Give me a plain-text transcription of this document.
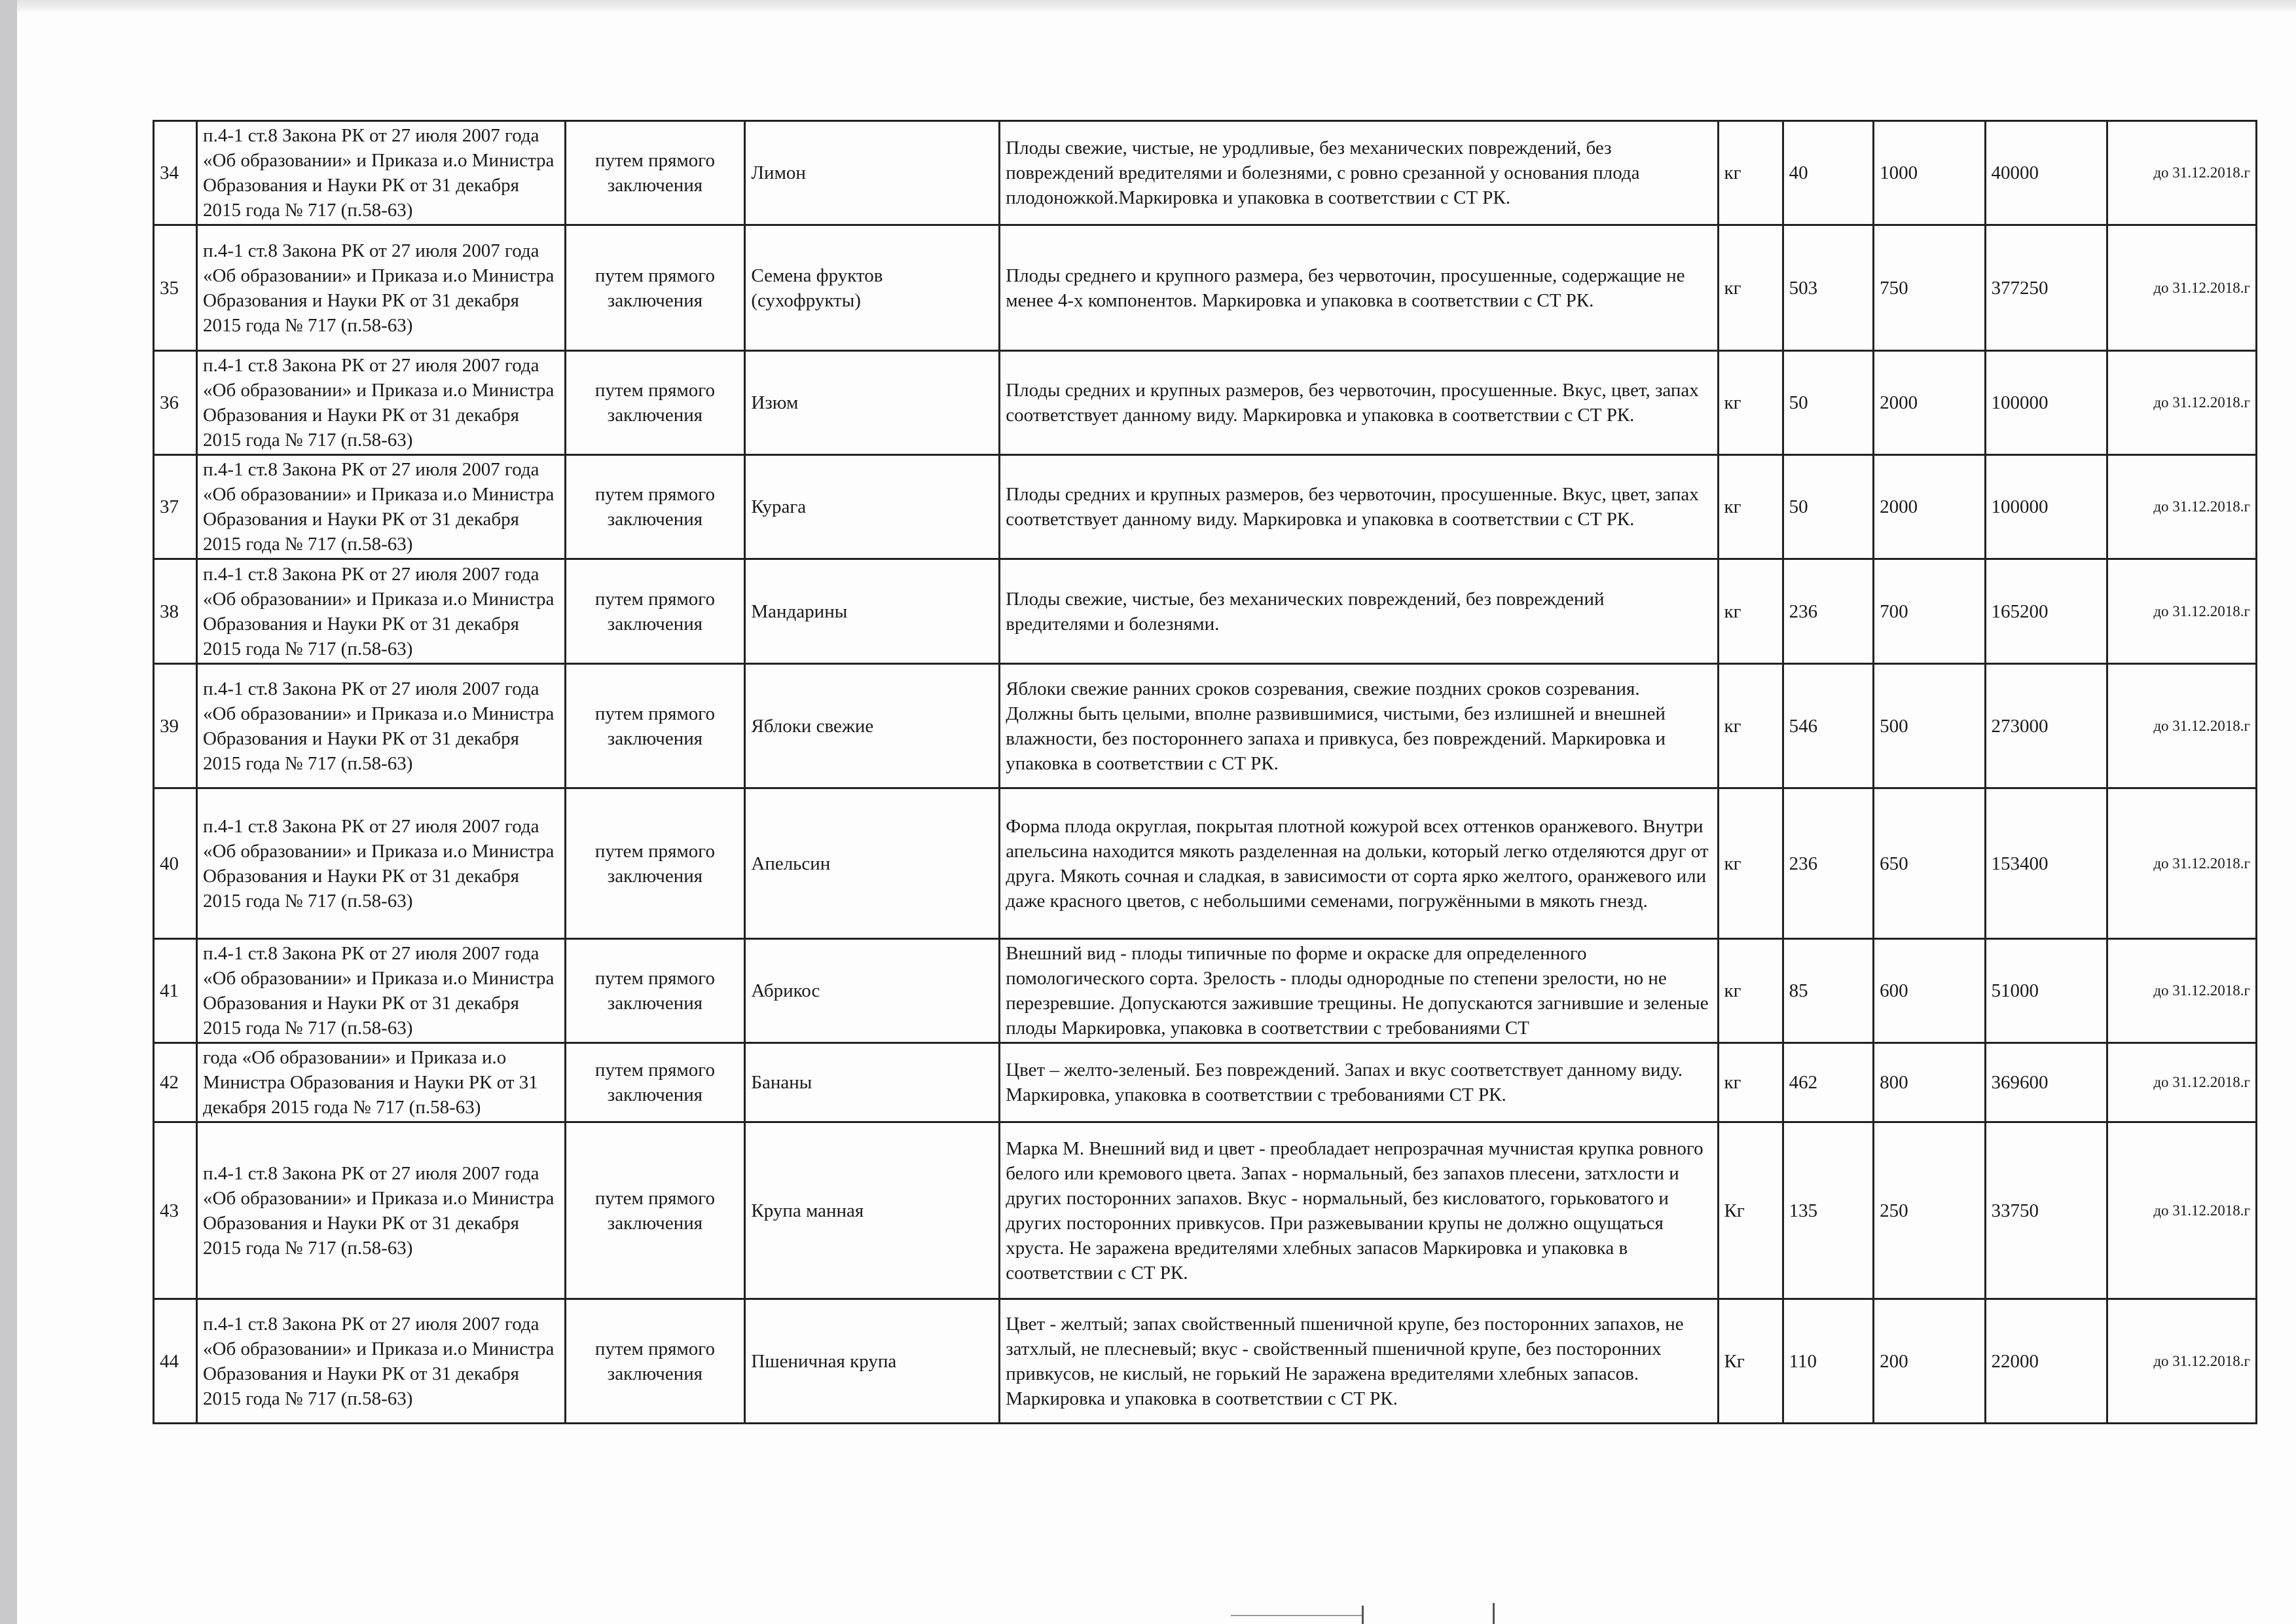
34	п.4-1 ст.8 Закона РК от 27 июля 2007 года «Об образовании» и Приказа и.о Министра Образования и Науки РК от 31 декабря 2015 года № 717 (п.58-63)	путем прямого заключения	Лимон	Плоды свежие, чистые, не уродливые, без механических повреждений, без повреждений вредителями и болезнями, с ровно срезанной у основания плода плодоножкой.Маркировка и упаковка в соответствии с СТ РК.	кг	40	1000	40000	до 31.12.2018.г
35	п.4-1 ст.8 Закона РК от 27 июля 2007 года «Об образовании» и Приказа и.о Министра Образования и Науки РК от 31 декабря 2015 года № 717 (п.58-63)	путем прямого заключения	Семена фруктов (сухофрукты)	Плоды среднего и крупного размера, без червоточин, просушенные, содержащие не менее 4-х компонентов. Маркировка и упаковка в соответствии с СТ РК.	кг	503	750	377250	до 31.12.2018.г
36	п.4-1 ст.8 Закона РК от 27 июля 2007 года «Об образовании» и Приказа и.о Министра Образования и Науки РК от 31 декабря 2015 года № 717 (п.58-63)	путем прямого заключения	Изюм	Плоды средних и крупных размеров, без червоточин, просушенные. Вкус, цвет, запах соответствует данному виду. Маркировка и упаковка в соответствии с СТ РК.	кг	50	2000	100000	до 31.12.2018.г
37	п.4-1 ст.8 Закона РК от 27 июля 2007 года «Об образовании» и Приказа и.о Министра Образования и Науки РК от 31 декабря 2015 года № 717 (п.58-63)	путем прямого заключения	Курага	Плоды средних и крупных размеров, без червоточин, просушенные. Вкус, цвет, запах соответствует данному виду. Маркировка и упаковка в соответствии с СТ РК.	кг	50	2000	100000	до 31.12.2018.г
38	п.4-1 ст.8 Закона РК от 27 июля 2007 года «Об образовании» и Приказа и.о Министра Образования и Науки РК от 31 декабря 2015 года № 717 (п.58-63)	путем прямого заключения	Мандарины	Плоды свежие, чистые, без механических повреждений, без повреждений вредителями и болезнями.	кг	236	700	165200	до 31.12.2018.г
39	п.4-1 ст.8 Закона РК от 27 июля 2007 года «Об образовании» и Приказа и.о Министра Образования и Науки РК от 31 декабря 2015 года № 717 (п.58-63)	путем прямого заключения	Яблоки свежие	Яблоки свежие ранних сроков созревания, свежие поздних сроков созревания. Должны быть целыми, вполне развившимися, чистыми, без излишней и внешней влажности, без постороннего запаха и привкуса, без повреждений. Маркировка и упаковка в соответствии с СТ РК.	кг	546	500	273000	до 31.12.2018.г
40	п.4-1 ст.8 Закона РК от 27 июля 2007 года «Об образовании» и Приказа и.о Министра Образования и Науки РК от 31 декабря 2015 года № 717 (п.58-63)	путем прямого заключения	Апельсин	Форма плода округлая, покрытая плотной кожурой всех оттенков оранжевого. Внутри апельсина находится мякоть разделенная на дольки, который легко отделяются друг от друга. Мякоть сочная и сладкая, в зависимости от сорта ярко желтого, оранжевого или даже красного цветов, с небольшими семенами, погружёнными в мякоть гнезд.	кг	236	650	153400	до 31.12.2018.г
41	п.4-1 ст.8 Закона РК от 27 июля 2007 года «Об образовании» и Приказа и.о Министра Образования и Науки РК от 31 декабря 2015 года № 717 (п.58-63)	путем прямого заключения	Абрикос	Внешний вид - плоды типичные по форме и окраске для определенного помологического сорта. Зрелость - плоды однородные по степени зрелости, но не перезревшие. Допускаются зажившие трещины. Не допускаются загнившие и зеленые плоды Маркировка, упаковка в соответствии с требованиями СТ	кг	85	600	51000	до 31.12.2018.г
42	года «Об образовании» и Приказа и.о Министра Образования и Науки РК от 31 декабря 2015 года № 717 (п.58-63)	путем прямого заключения	Бананы	Цвет – желто-зеленый. Без повреждений. Запах и вкус соответствует данному виду. Маркировка, упаковка в соответствии с требованиями СТ РК.	кг	462	800	369600	до 31.12.2018.г
43	п.4-1 ст.8 Закона РК от 27 июля 2007 года «Об образовании» и Приказа и.о Министра Образования и Науки РК от 31 декабря 2015 года № 717 (п.58-63)	путем прямого заключения	Крупа манная	Марка М. Внешний вид и цвет - преобладает непрозрачная мучнистая крупка ровного белого или кремового цвета. Запах - нормальный, без запахов плесени, затхлости и других посторонних запахов. Вкус - нормальный, без кисловатого, горьковатого и других посторонних привкусов. При разжевывании крупы не должно ощущаться хруста. Не заражена вредителями хлебных запасов Маркировка и упаковка в соответствии с СТ РК.	Кг	135	250	33750	до 31.12.2018.г
44	п.4-1 ст.8 Закона РК от 27 июля 2007 года «Об образовании» и Приказа и.о Министра Образования и Науки РК от 31 декабря 2015 года № 717 (п.58-63)	путем прямого заключения	Пшеничная крупа	Цвет - желтый; запах свойственный пшеничной крупе, без посторонних запахов, не затхлый, не плесневый; вкус - свойственный пшеничной крупе, без посторонних привкусов, не кислый, не горький Не заражена вредителями хлебных запасов. Маркировка и упаковка в соответствии с СТ РК.	Кг	110	200	22000	до 31.12.2018.г
